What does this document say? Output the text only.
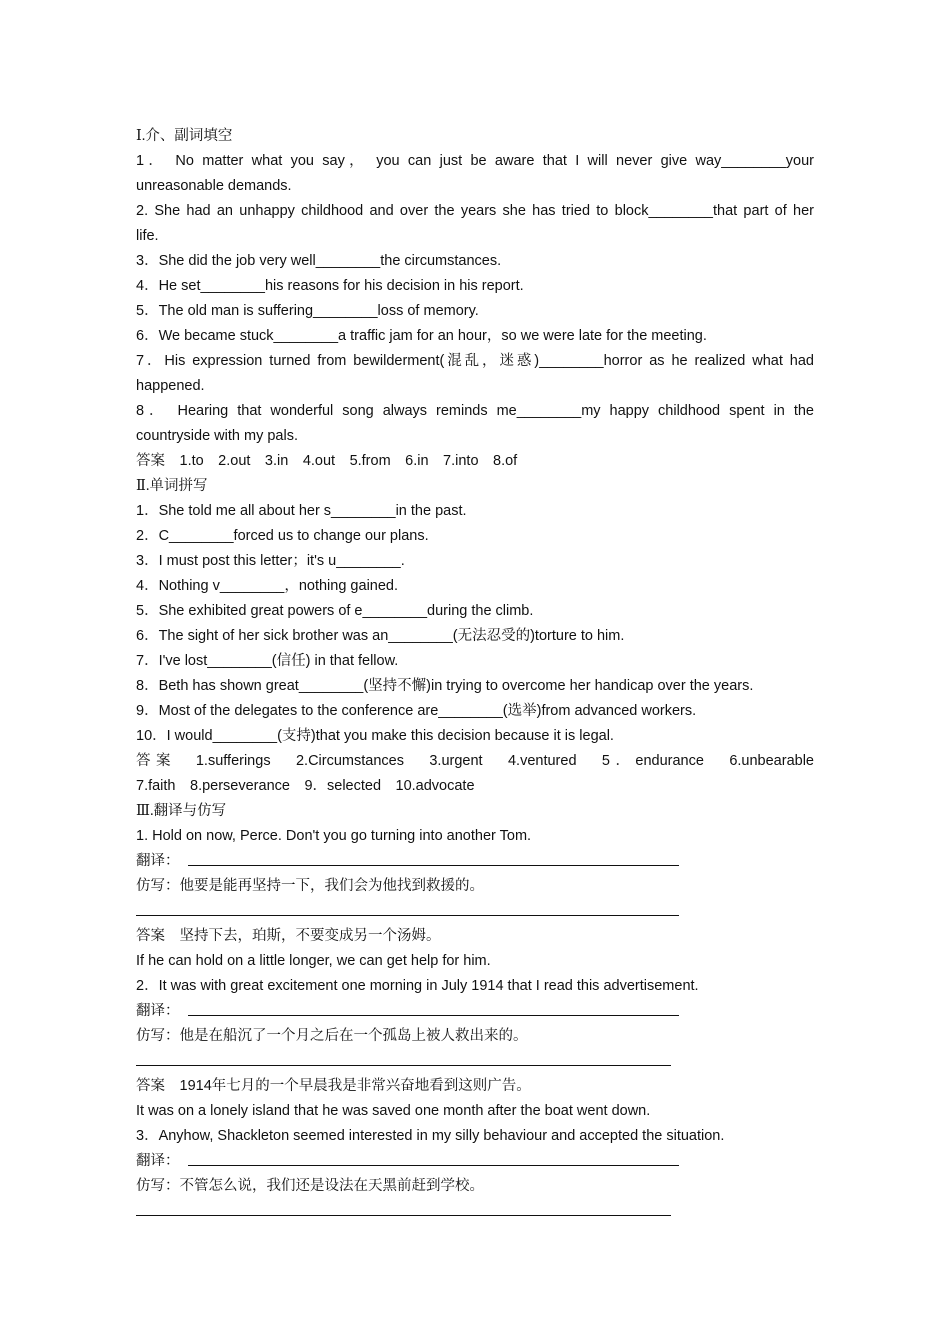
Ⅰ.介、副词填空
1． No matter what you say， you can just be aware that I will never give way________your
unreasonable demands.
2. She had an unhappy childhood and over the years she has tried to block________that part of her
life.
3．She did the job very well________the circumstances.
4．He set________his reasons for his decision in his report.
5．The old man is suffering________loss of memory.
6．We became stuck________a traffic jam for an hour，so we were late for the meeting.
7．His expression turned from bewilderment(混乱，迷惑)________horror as he realized what had
happened.
8． Hearing that wonderful song always reminds me________my happy childhood spent in the
countryside with my pals.
答案　1.to　2.out　3.in　4.out　5.from　6.in　7.into　8.of
Ⅱ.单词拼写
1．She told me all about her s________in the past.
2．C________forced us to change our plans.
3．I must post this letter；it's u________.
4．Nothing v________，nothing gained.
5．She exhibited great powers of e________during the climb.
6．The sight of her sick brother was an________(无法忍受的)torture to him.
7．I've lost________(信任) in that fellow.
8．Beth has shown great________(坚持不懈)in trying to overcome her handicap over the years.
9．Most of the delegates to the conference are________(选举)from advanced workers.
10．I would________(支持)that you make this decision because it is legal.
答案　1.sufferings　2.Circumstances　3.urgent　4.ventured　5．endurance　6.unbearable
7.faith　8.perseverance　9．selected　10.advocate
Ⅲ.翻译与仿写
1. Hold on now, Perce. Don't you go turning into another Tom.
翻译：
仿写：他要是能再坚持一下，我们会为他找到救援的。
答案　坚持下去，珀斯，不要变成另一个汤姆。
If he can hold on a little longer, we can get help for him.
2．It was with great excitement one morning in July 1914 that I read this advertisement.
翻译：
仿写：他是在船沉了一个月之后在一个孤岛上被人救出来的。
答案　1914年七月的一个早晨我是非常兴奋地看到这则广告。
It was on a lonely island that he was saved one month after the boat went down.
3．Anyhow, Shackleton seemed interested in my silly behaviour and accepted the situation.
翻译：
仿写：不管怎么说，我们还是设法在天黑前赶到学校。
